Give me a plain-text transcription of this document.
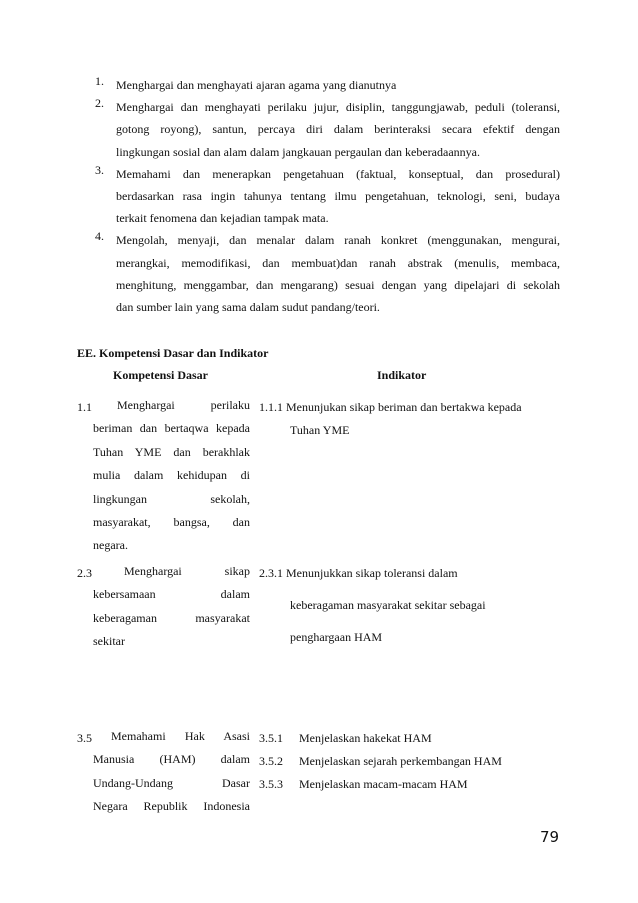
1.	Menghargai dan menghayati ajaran agama yang dianutnya
2.	Menghargai dan menghayati perilaku jujur, disiplin, tanggungjawab, peduli (toleransi,
gotong royong), santun, percaya diri dalam berinteraksi secara efektif dengan
lingkungan sosial dan alam dalam jangkauan pergaulan dan keberadaannya.
3.	Memahami dan menerapkan pengetahuan (faktual, konseptual, dan prosedural)
berdasarkan rasa ingin tahunya tentang ilmu pengetahuan, teknologi, seni, budaya
terkait fenomena dan kejadian tampak mata.
4.	Mengolah, menyaji, dan menalar dalam ranah konkret (menggunakan, mengurai,
merangkai, memodifikasi, dan membuat)dan ranah abstrak (menulis, membaca,
menghitung, menggambar, dan mengarang) sesuai dengan yang dipelajari di sekolah
dan sumber lain yang sama dalam sudut pandang/teori.
EE. Kompetensi Dasar dan Indikator
Kompetensi Dasar	Indikator
1.1	Menghargai perilaku
beriman dan bertaqwa kepada
Tuhan YME dan berakhlak
mulia dalam kehidupan di
lingkungan sekolah,
masyarakat, bangsa, dan
negara.
1.1.1 Menunjukan sikap beriman dan bertakwa kepada
Tuhan YME
2.3	Menghargai sikap
kebersamaan dalam
keberagaman masyarakat
sekitar
2.3.1 Menunjukkan sikap toleransi dalam
keberagaman masyarakat sekitar sebagai
penghargaan HAM
3.5	Memahami Hak Asasi
Manusia (HAM) dalam
Undang-Undang Dasar
Negara Republik Indonesia
3.5.1 Menjelaskan hakekat HAM
3.5.2 Menjelaskan sejarah perkembangan HAM
3.5.3 Menjelaskan macam-macam HAM
79
